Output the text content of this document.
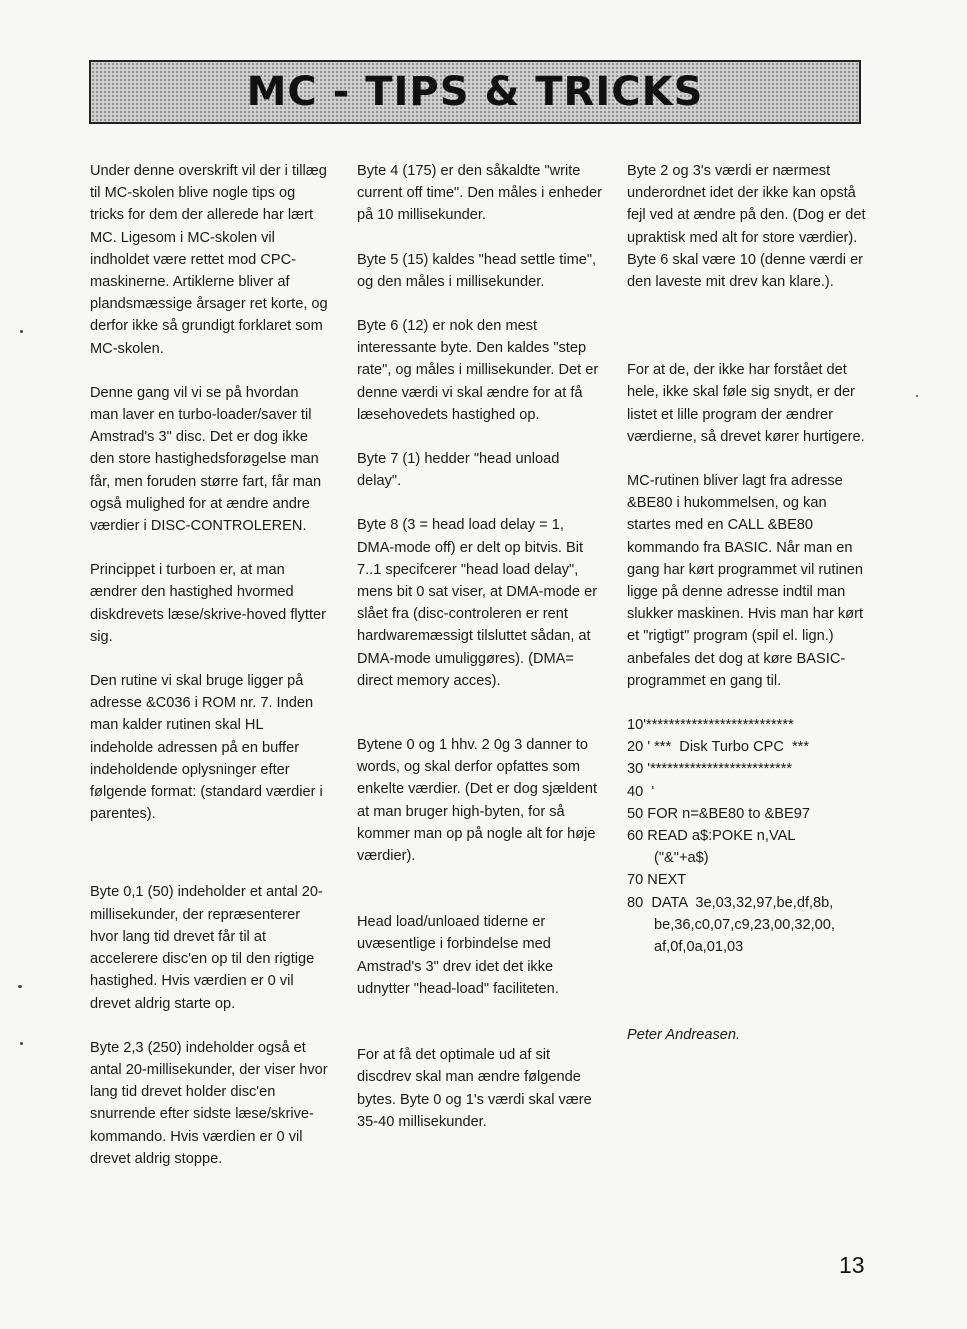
MC - TIPS & TRICKS

Under denne overskrift vil der i tillæg til MC-skolen blive nogle tips og tricks for dem der allerede har lært MC. Ligesom i MC-skolen vil indholdet være rettet mod CPC-maskinerne. Artiklerne bliver af plandsmæssige årsager ret korte, og derfor ikke så grundigt forklaret som MC-skolen.

Denne gang vil vi se på hvordan man laver en turbo-loader/saver til Amstrad's 3" disc. Det er dog ikke den store hastighedsforøgelse man får, men foruden større fart, får man også mulighed for at ændre andre værdier i DISC-CONTROLEREN.

Princippet i turboen er, at man ændrer den hastighed hvormed diskdrevets læse/skrive-hoved flytter sig.

Den rutine vi skal bruge ligger på adresse &C036 i ROM nr. 7. Inden man kalder rutinen skal HL indeholde adressen på en buffer indeholdende oplysninger efter følgende format: (standard værdier i parentes).

Byte 0,1 (50) indeholder et antal 20-millisekunder, der repræsenterer hvor lang tid drevet får til at accelerere disc'en op til den rigtige hastighed. Hvis værdien er 0 vil drevet aldrig starte op.

Byte 2,3 (250) indeholder også et antal 20-millisekunder, der viser hvor lang tid drevet holder disc'en snurrende efter sidste læse/skrive-kommando. Hvis værdien er 0 vil drevet aldrig stoppe.

Byte 4 (175) er den såkaldte "write current off time". Den måles i enheder på 10 millisekunder.

Byte 5 (15) kaldes "head settle time", og den måles i millisekunder.

Byte 6 (12) er nok den mest interessante byte. Den kaldes "step rate", og måles i millisekunder. Det er denne værdi vi skal ændre for at få læsehovedets hastighed op.

Byte 7 (1) hedder "head unload delay".

Byte 8 (3 = head load delay = 1, DMA-mode off) er delt op bitvis. Bit 7..1 specifcerer "head load delay", mens bit 0 sat viser, at DMA-mode er slået fra (disc-controleren er rent hardwaremæssigt tilsluttet sådan, at DMA-mode umuliggøres). (DMA= direct memory acces).

Bytene 0 og 1 hhv. 2 0g 3 danner to words, og skal derfor opfattes som enkelte værdier. (Det er dog sjældent at man bruger high-byten, for så kommer man op på nogle alt for høje værdier).

Head load/unloaed tiderne er uvæsentlige i forbindelse med Amstrad's 3" drev idet det ikke udnytter "head-load" faciliteten.

For at få det optimale ud af sit discdrev skal man ændre følgende bytes. Byte 0 og 1's værdi skal være 35-40 millisekunder.

Byte 2 og 3's værdi er nærmest underordnet idet der ikke kan opstå fejl ved at ændre på den. (Dog er det upraktisk med alt for store værdier). Byte 6 skal være 10 (denne værdi er den laveste mit drev kan klare.).

For at de, der ikke har forstået det hele, ikke skal føle sig snydt, er der listet et lille program der ændrer værdierne, så drevet kører hurtigere.

MC-rutinen bliver lagt fra adresse &BE80 i hukommelsen, og kan startes med en CALL &BE80 kommando fra BASIC. Når man en gang har kørt programmet vil rutinen ligge på denne adresse indtil man slukker maskinen. Hvis man har kørt et "rigtigt" program (spil el. lign.) anbefales det dog at køre BASIC-programmet en gang til.

10'**************************
20 ' ***  Disk Turbo CPC  ***
30 '*************************
40  '
50 FOR n=&BE80 to &BE97
60 READ a$:POKE n,VAL
("&"+a$)
70 NEXT
80  DATA  3e,03,32,97,be,df,8b,
be,36,c0,07,c9,23,00,32,00,
af,0f,0a,01,03

Peter Andreasen.

13
